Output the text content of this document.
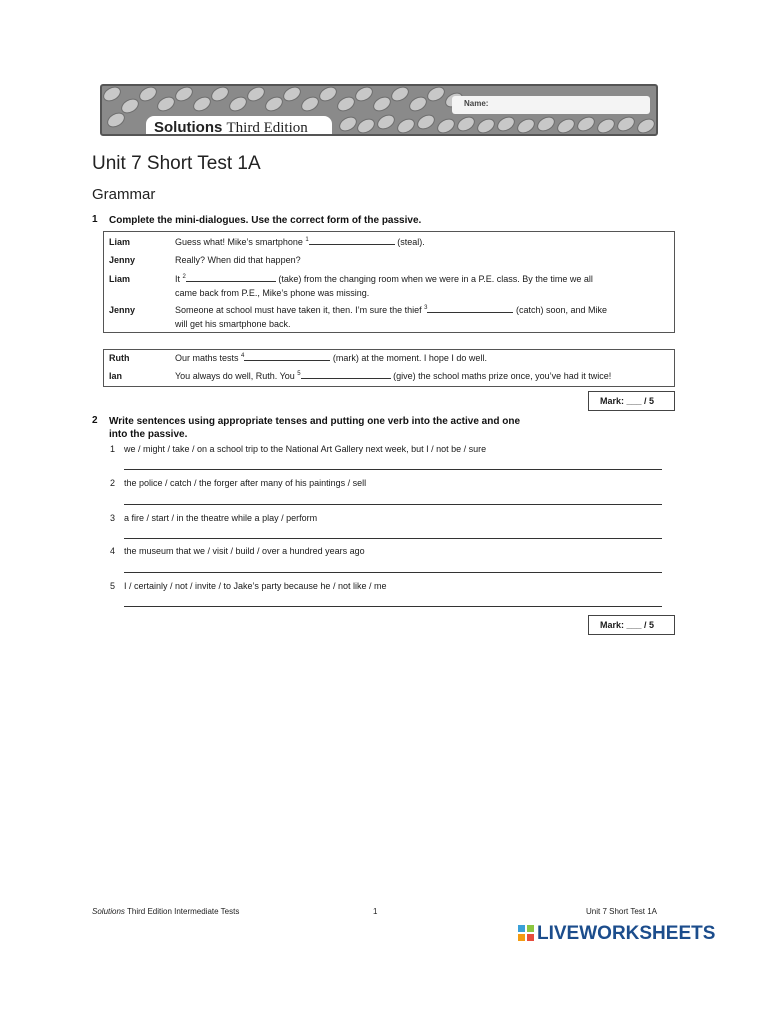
Solutions Third Edition
Name:
Unit 7 Short Test 1A
Grammar
1 Complete the mini-dialogues. Use the correct form of the passive.
Liam	Guess what! Mike’s smartphone $^1$	(steal).
Jenny	Really? When did that happen?
Liam	It $^2$	(take) from the changing room when we were in a P.E. class. By the time we all
came back from P.E., Mike’s phone was missing.
Jenny	Someone at school must have taken it, then. I’m sure the thief $^3$	(catch) soon, and Mike
will get his smartphone back.
Ruth	Our maths tests $^4$	(mark) at the moment. I hope I do well.
Ian	You always do well, Ruth. You $^5$	(give) the school maths prize once, you’ve had it twice!
Mark: ___ / 5
2 Write sentences using appropriate tenses and putting one verb into the active and one
into the passive.
1 we / might / take / on a school trip to the National Art Gallery next week, but I / not be / sure
2 the police / catch / the forger after many of his paintings / sell
3 a fire / start / in the theatre while a play / perform
4 the museum that we / visit / build / over a hundred years ago
5 I / certainly / not / invite / to Jake’s party because he / not like / me
Mark: ___ / 5
Solutions Third Edition Intermediate Tests	1	Unit 7 Short Test 1A
LIVEWORKSHEETS
